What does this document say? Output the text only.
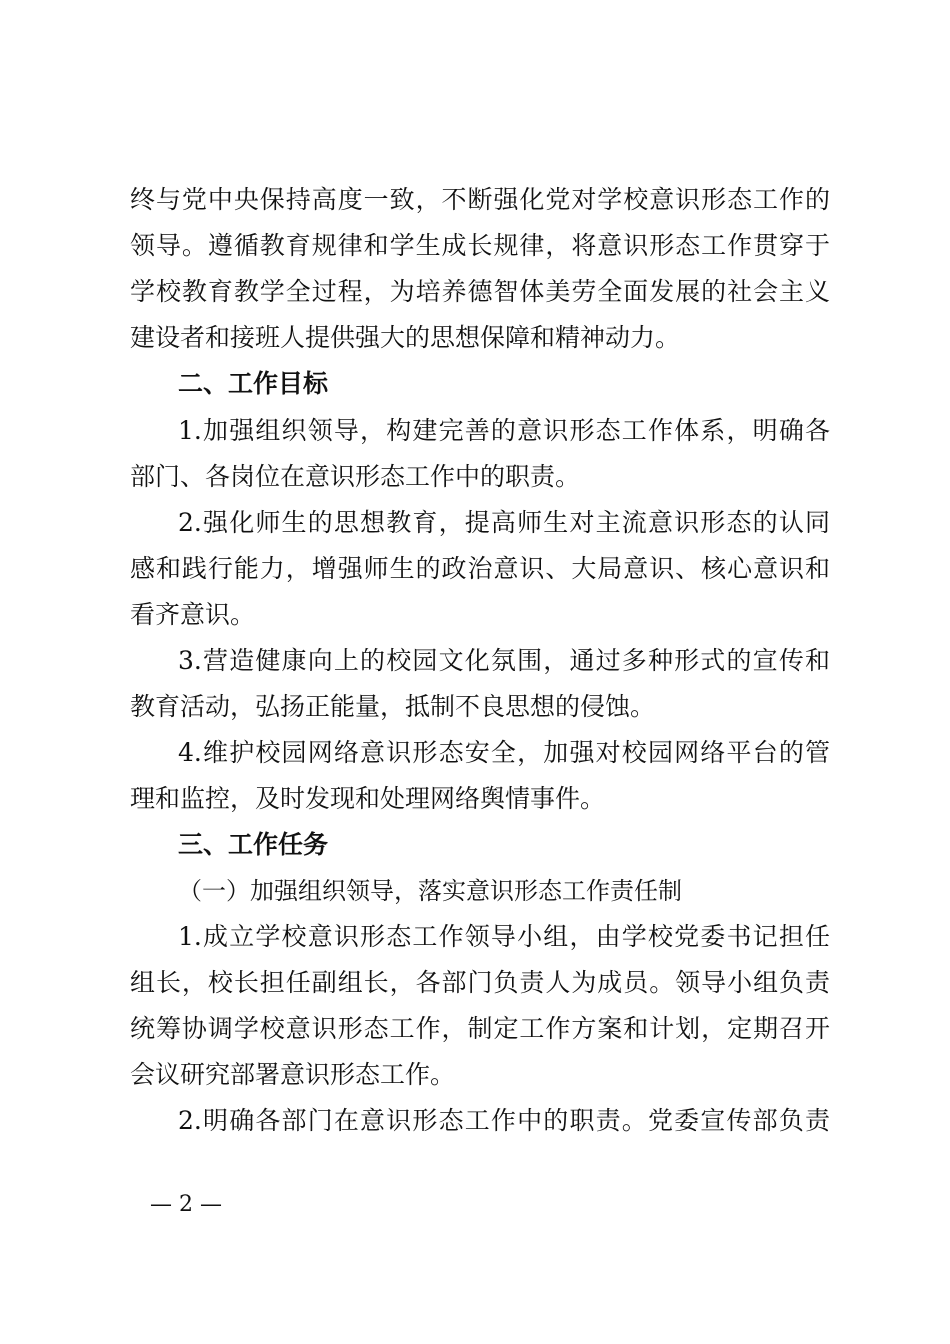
终与党中央保持高度一致，不断强化党对学校意识形态工作的
领导。遵循教育规律和学生成长规律，将意识形态工作贯穿于
学校教育教学全过程，为培养德智体美劳全面发展的社会主义
建设者和接班人提供强大的思想保障和精神动力。
二、工作目标
1.加强组织领导，构建完善的意识形态工作体系，明确各
部门、各岗位在意识形态工作中的职责。
2.强化师生的思想教育，提高师生对主流意识形态的认同
感和践行能力，增强师生的政治意识、大局意识、核心意识和
看齐意识。
3.营造健康向上的校园文化氛围，通过多种形式的宣传和
教育活动，弘扬正能量，抵制不良思想的侵蚀。
4.维护校园网络意识形态安全，加强对校园网络平台的管
理和监控，及时发现和处理网络舆情事件。
三、工作任务
（一）加强组织领导，落实意识形态工作责任制
1.成立学校意识形态工作领导小组，由学校党委书记担任
组长，校长担任副组长，各部门负责人为成员。领导小组负责
统筹协调学校意识形态工作，制定工作方案和计划，定期召开
会议研究部署意识形态工作。
2.明确各部门在意识形态工作中的职责。党委宣传部负责
— 2 —
